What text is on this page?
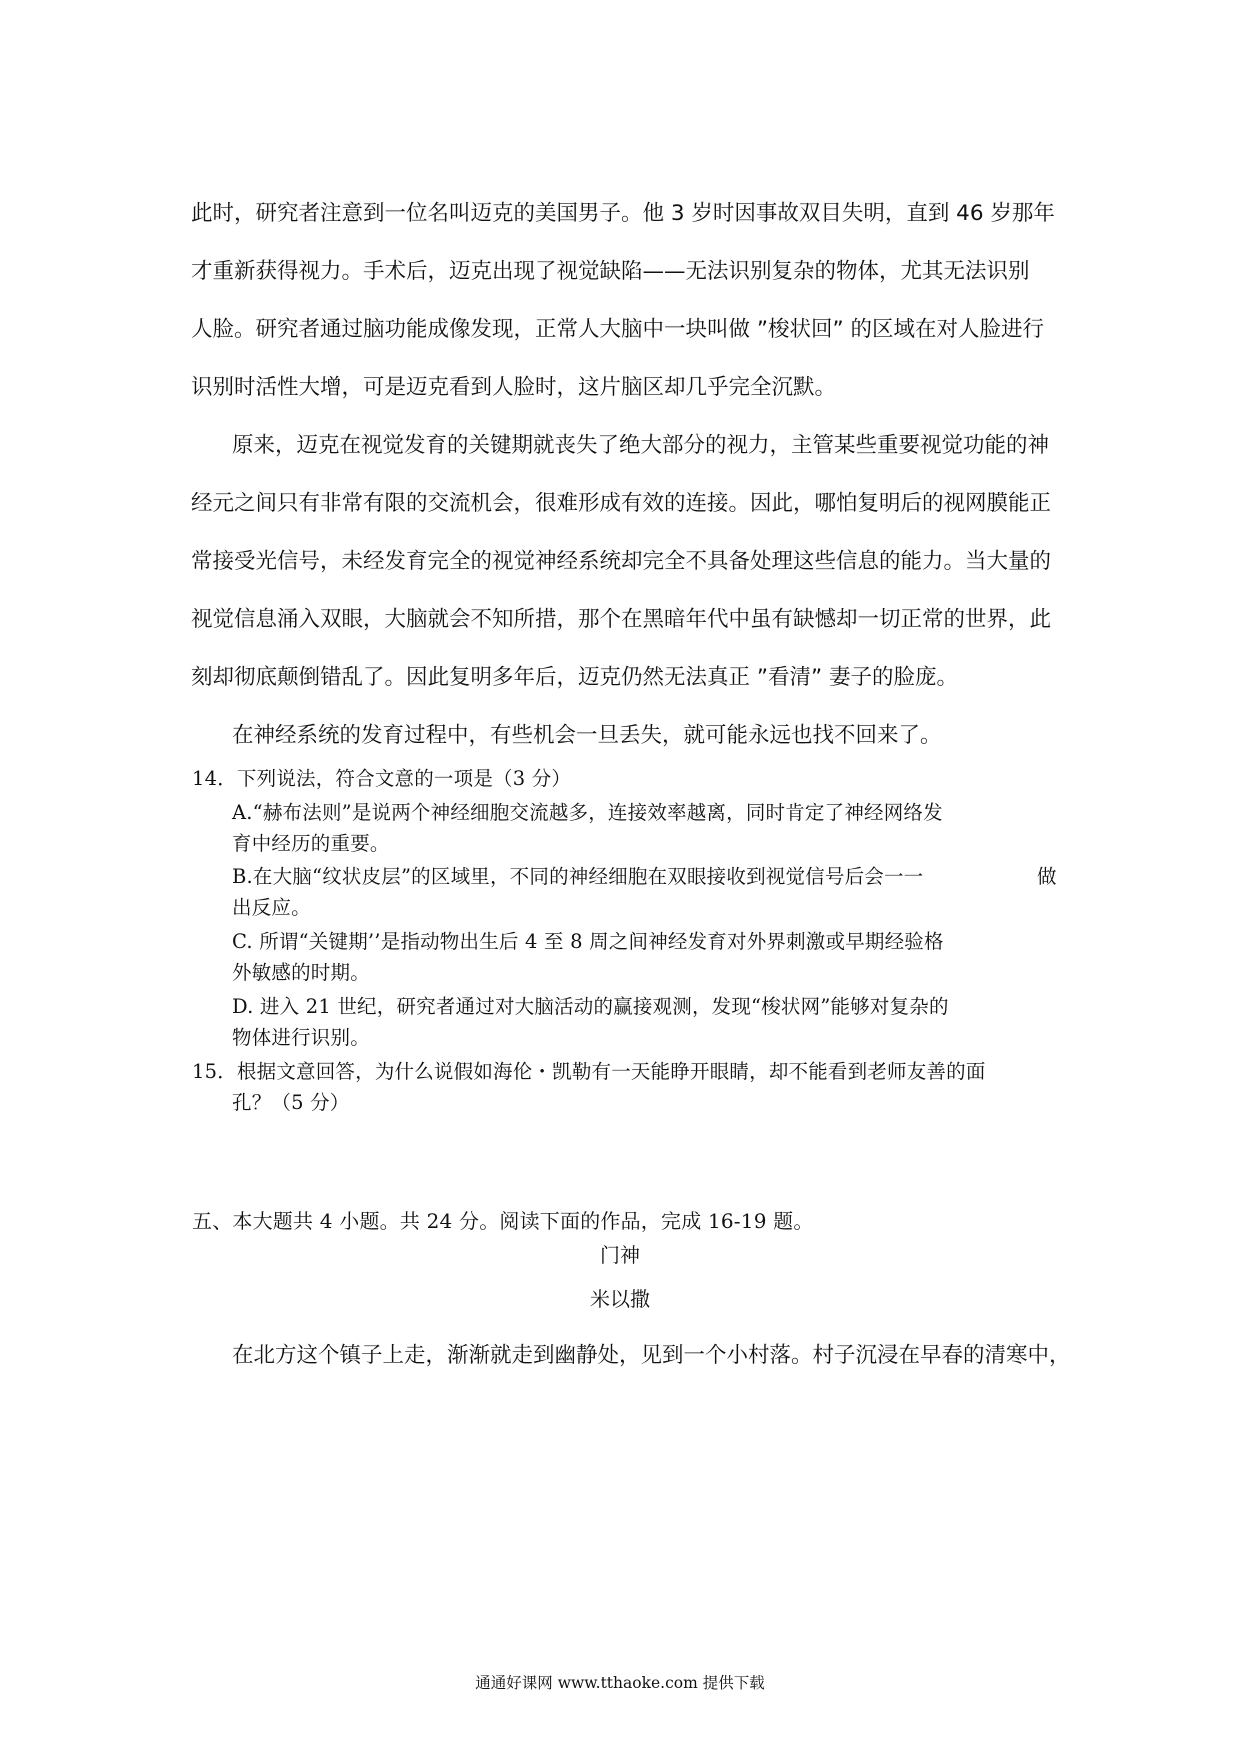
此时，研究者注意到一位名叫迈克的美国男子。他 3 岁时因事故双目失明，直到 46 岁那年
才重新获得视力。手术后，迈克出现了视觉缺陷——无法识别复杂的物体，尤其无法识别
人脸。研究者通过脑功能成像发现，正常人大脑中一块叫做 ”梭状回” 的区域在对人脸进行
识别时活性大增，可是迈克看到人脸时，这片脑区却几乎完全沉默。
原来，迈克在视觉发育的关键期就丧失了绝大部分的视力，主管某些重要视觉功能的神
经元之间只有非常有限的交流机会，很难形成有效的连接。因此，哪怕复明后的视网膜能正
常接受光信号，未经发育完全的视觉神经系统却完全不具备处理这些信息的能力。当大量的
视觉信息涌入双眼，大脑就会不知所措，那个在黑暗年代中虽有缺憾却一切正常的世界，此
刻却彻底颠倒错乱了。因此复明多年后，迈克仍然无法真正 ”看清” 妻子的脸庞。
在神经系统的发育过程中，有些机会一旦丢失，就可能永远也找不回来了。
14．下列说法，符合文意的一项是（3 分）
A.“赫布法则”是说两个神经细胞交流越多，连接效率越离，同时肯定了神经网络发
育中经历的重要。
B.在大脑“纹状皮层”的区域里，不同的神经细胞在双眼接收到视觉信号后会一一	做
出反应。
C. 所谓“关键期’’是指动物出生后 4 至 8 周之间神经发育对外界刺激或早期经验格
外敏感的时期。
D. 进入 21 世纪，研究者通过对大脑活动的赢接观测，发现“梭状网”能够对复杂的
物体进行识别。
15．根据文意回答，为什么说假如海伦・凯勒有一天能睁开眼睛，却不能看到老师友善的面
孔？（5 分）
五、本大题共 4 小题。共 24 分。阅读下面的作品，完成 16-19 题。
门神
米以撒
在北方这个镇子上走，渐渐就走到幽静处，见到一个小村落。村子沉浸在早春的清寒中，
通通好课网 www.tthaoke.com 提供下载
